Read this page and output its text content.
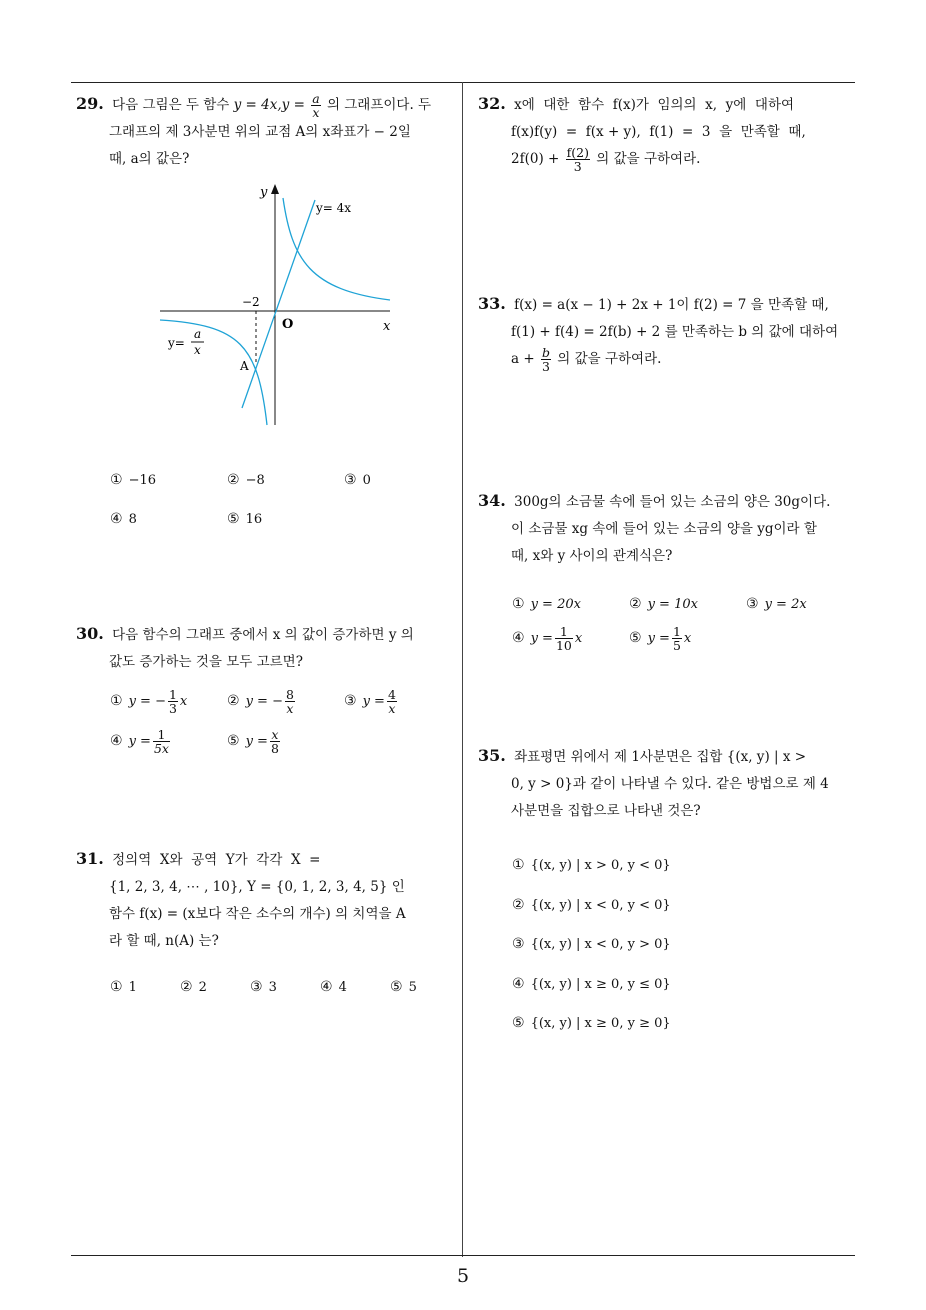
5
29. 다음 그림은 두 함수 $y = 4x,y = \frac{a}{x}$ 의 그래프이다. 두
그래프의 제 3사분면 위의 교점 A의 x좌표가 − 2일
때, a의 값은?
y
x
O
−2
y= 4x
y=
a
x
A
① −16	② −8	③ 0
④ 8	⑤ 16
30. 다음 함수의 그래프 중에서 x 의 값이 증가하면 y 의
값도 증가하는 것을 모두 고르면?
① y = − $\frac{1}{3}$ x	② y = − $\frac{8}{x}$	③ $y = \frac{4}{x}$
④ $y = \frac{1}{5x}$	⑤ $y = \frac{x}{8}$
31. 정의역  X와  공역  Y가  각각  X  =
{1, 2, 3, 4, ⋯ , 10}, Y = {0, 1, 2, 3, 4, 5} 인
함수 f(x) = (x보다 작은 소수의 개수) 의 치역을 A
라 할 때, n(A) 는?
① 1	② 2	③ 3	④ 4	⑤ 5
32. x에  대한  함수  f(x)가  임의의  x,  y에  대하여
f(x)f(y)  =  f(x + y),  f(1)  =  3  을  만족할  때,
$2f(0) + \frac{f(2)}{3}$ 의 값을 구하여라.
33. f(x) = a(x − 1) + 2x + 1이 f(2) = 7 을 만족할 때,
f(1) + f(4) = 2f(b) + 2 를 만족하는 b 의 값에 대하여
$a + \frac{b}{3}$ 의 값을 구하여라.
34. 300g의 소금물 속에 들어 있는 소금의 양은 30g이다.
이 소금물 xg 속에 들어 있는 소금의 양을 yg이라 할
때, x와 y 사이의 관계식은?
① y = 20x	② y = 10x	③ y = 2x
④ $y = \frac{1}{10}$ x	⑤ $y = \frac{1}{5}$ x
35. 좌표평면 위에서 제 1사분면은 집합 {(x, y) | x >
0, y > 0}과 같이 나타낼 수 있다. 같은 방법으로 제 4
사분면을 집합으로 나타낸 것은?
① {(x, y) | x > 0, y < 0}
② {(x, y) | x < 0, y < 0}
③ {(x, y) | x < 0, y > 0}
④ {(x, y) | x ≥ 0, y ≤ 0}
⑤ {(x, y) | x ≥ 0, y ≥ 0}
